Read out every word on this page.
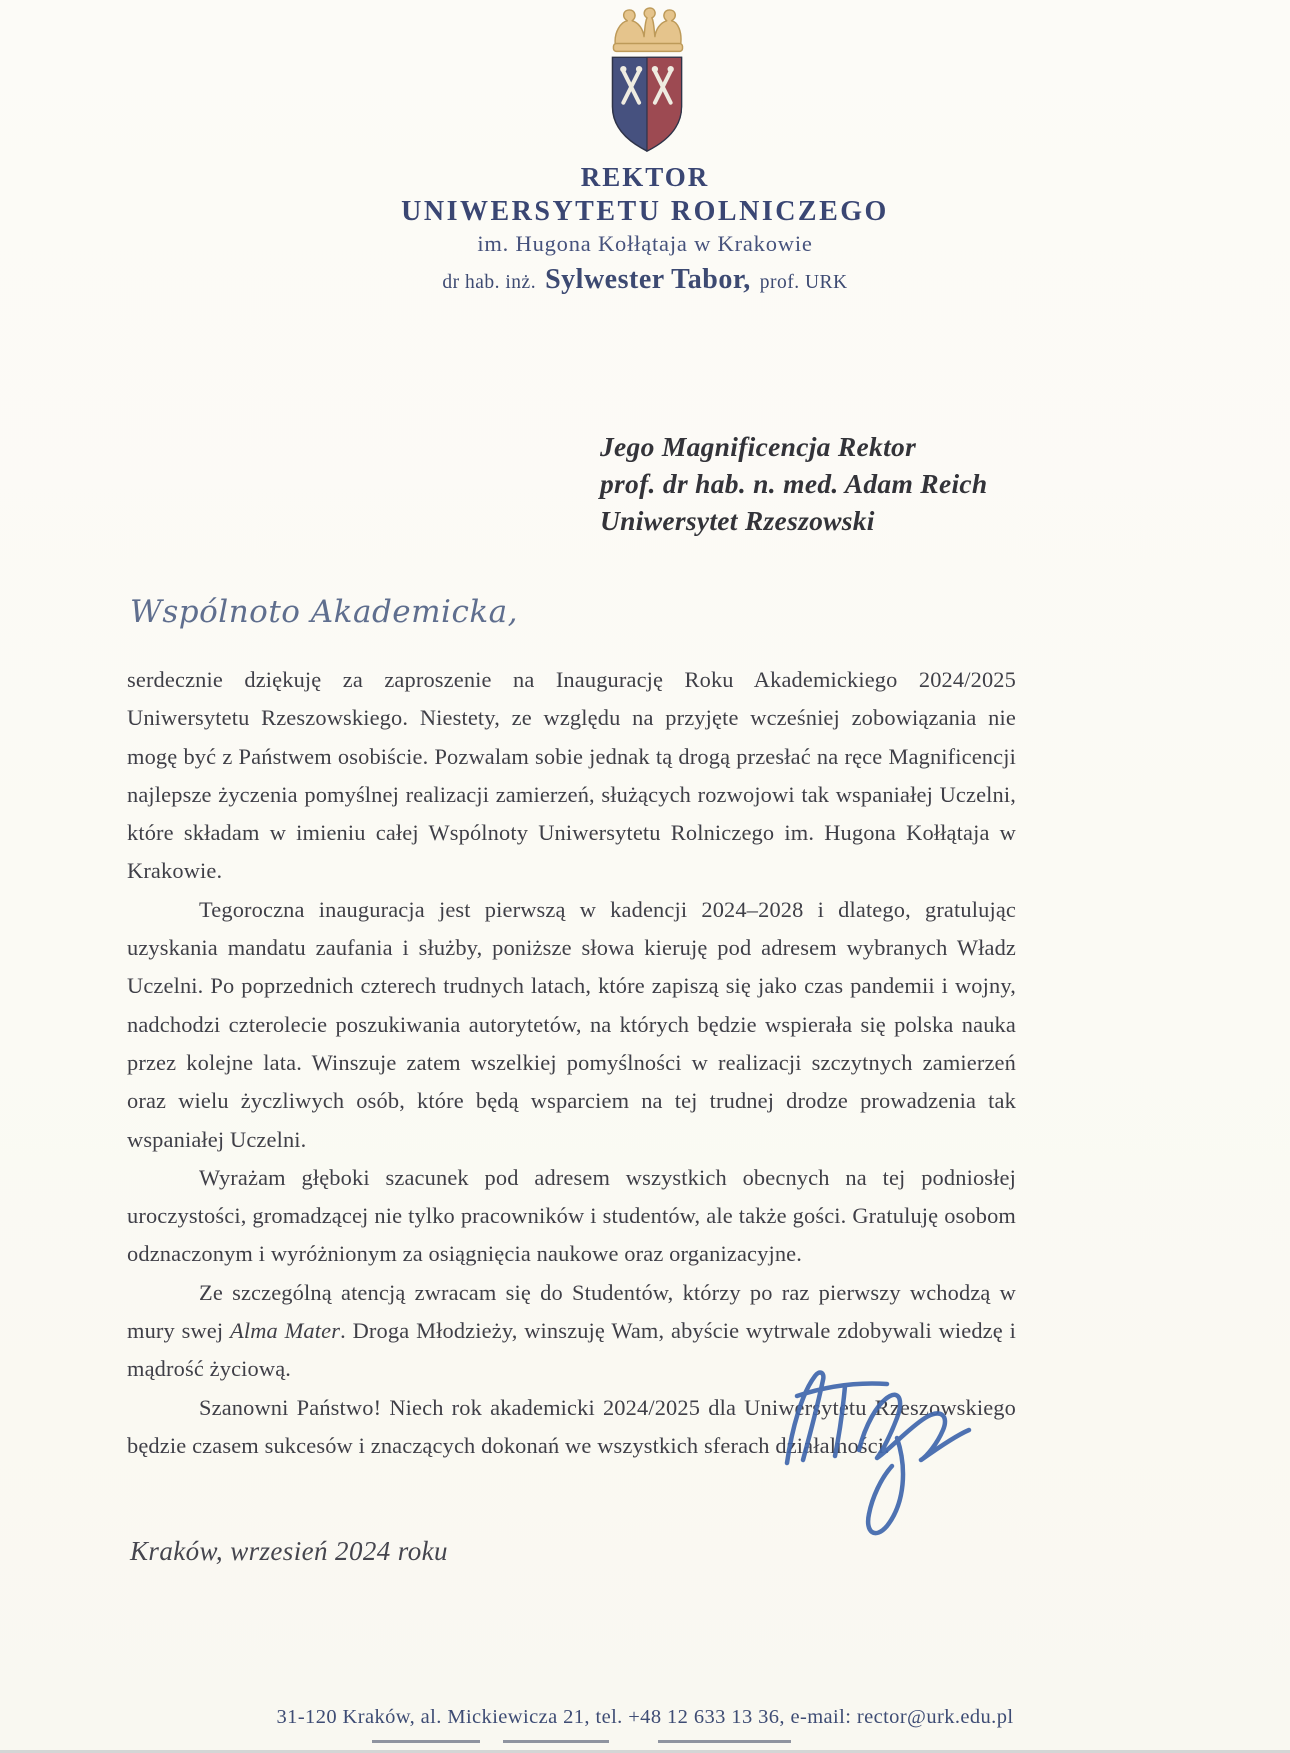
REKTOR
UNIWERSYTETU ROLNICZEGO
im. Hugona Kołłątaja w Krakowie
dr hab. inż. Sylwester Tabor, prof. URK
Jego Magnificencja Rektor
prof. dr hab. n. med. Adam Reich
Uniwersytet Rzeszowski
Wspólnoto Akademicka,

serdecznie dziękuję za zaproszenie na Inaugurację Roku Akademickiego 2024/2025 Uniwersytetu Rzeszowskiego. Niestety, ze względu na przyjęte wcześniej zobowiązania nie mogę być z Państwem osobiście. Pozwalam sobie jednak tą drogą przesłać na ręce Magnificencji najlepsze życzenia pomyślnej realizacji zamierzeń, służących rozwojowi tak wspaniałej Uczelni, które składam w imieniu całej Wspólnoty Uniwersytetu Rolniczego im. Hugona Kołłątaja w Krakowie.

Tegoroczna inauguracja jest pierwszą w kadencji 2024–2028 i dlatego, gratulując uzyskania mandatu zaufania i służby, poniższe słowa kieruję pod adresem wybranych Władz Uczelni. Po poprzednich czterech trudnych latach, które zapiszą się jako czas pandemii i wojny, nadchodzi czterolecie poszukiwania autorytetów, na których będzie wspierała się polska nauka przez kolejne lata. Winszuje zatem wszelkiej pomyślności w realizacji szczytnych zamierzeń oraz wielu życzliwych osób, które będą wsparciem na tej trudnej drodze prowadzenia tak wspaniałej Uczelni.

Wyrażam głęboki szacunek pod adresem wszystkich obecnych na tej podniosłej uroczystości, gromadzącej nie tylko pracowników i studentów, ale także gości. Gratuluję osobom odznaczonym i wyróżnionym za osiągnięcia naukowe oraz organizacyjne.

Ze szczególną atencją zwracam się do Studentów, którzy po raz pierwszy wchodzą w mury swej Alma Mater. Droga Młodzieży, winszuję Wam, abyście wytrwale zdobywali wiedzę i mądrość życiową.

Szanowni Państwo! Niech rok akademicki 2024/2025 dla Uniwersytetu Rzeszowskiego będzie czasem sukcesów i znaczących dokonań we wszystkich sferach działalności.

Kraków, wrzesień 2024 roku
31-120 Kraków, al. Mickiewicza 21, tel. +48 12 633 13 36, e-mail: rector@urk.edu.pl
